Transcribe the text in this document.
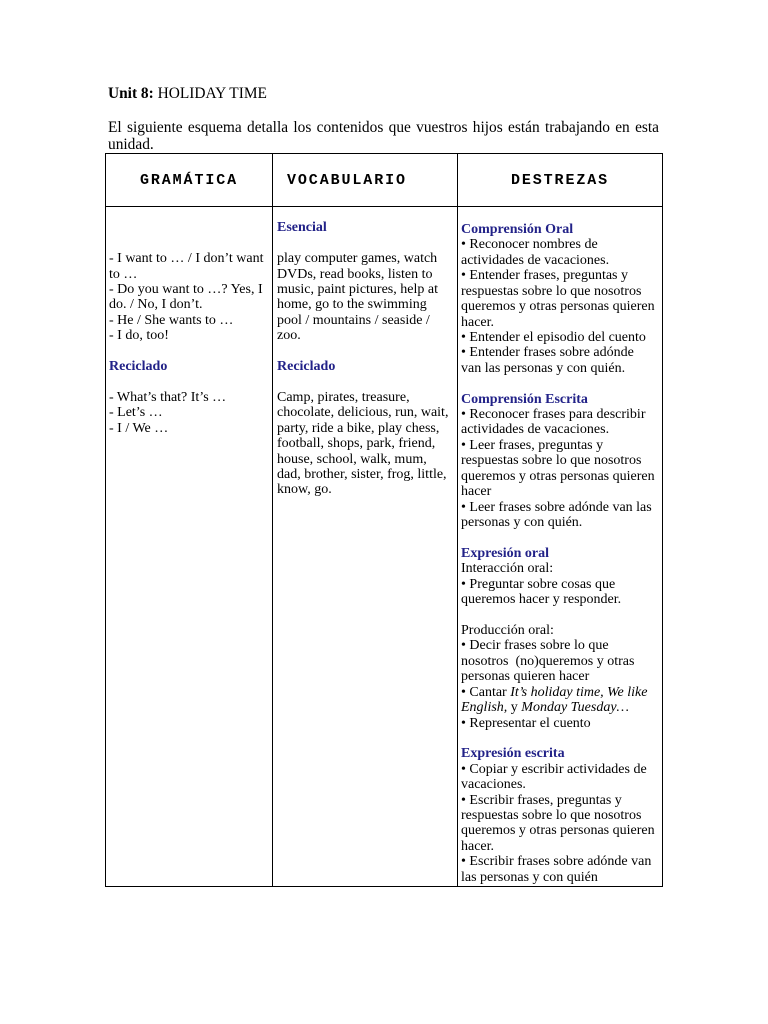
Unit 8: HOLIDAY TIME
El siguiente esquema detalla los contenidos que vuestros hijos están trabajando en esta unidad.
GRAMÁTICA	VOCABULARIO	DESTREZAS
- I want to … / I don’t want
to …
- Do you want to …? Yes, I
do. / No, I don’t.
- He / She wants to …
- I do, too!
Reciclado
- What’s that? It’s …
- Let’s …
- I / We …
Esencial
play computer games, watch
DVDs, read books, listen to
music, paint pictures, help at
home, go to the swimming
pool / mountains / seaside /
zoo.
Reciclado
Camp, pirates, treasure,
chocolate, delicious, run, wait,
party, ride a bike, play chess,
football, shops, park, friend,
house, school, walk, mum,
dad, brother, sister, frog, little,
know, go.
Comprensión Oral
• Reconocer nombres de
actividades de vacaciones.
• Entender frases, preguntas y
respuestas sobre lo que nosotros
queremos y otras personas quieren
hacer.
• Entender el episodio del cuento
• Entender frases sobre adónde
van las personas y con quién.
Comprensión Escrita
• Reconocer frases para describir
actividades de vacaciones.
• Leer frases, preguntas y
respuestas sobre lo que nosotros
queremos y otras personas quieren
hacer
• Leer frases sobre adónde van las
personas y con quién.
Expresión oral
Interacción oral:
• Preguntar sobre cosas que
queremos hacer y responder.
Producción oral:
• Decir frases sobre lo que
nosotros  (no)queremos y otras
personas quieren hacer
• Cantar It’s holiday time, We like
English, y Monday Tuesday…
• Representar el cuento
Expresión escrita
• Copiar y escribir actividades de
vacaciones.
• Escribir frases, preguntas y
respuestas sobre lo que nosotros
queremos y otras personas quieren
hacer.
• Escribir frases sobre adónde van
las personas y con quién
